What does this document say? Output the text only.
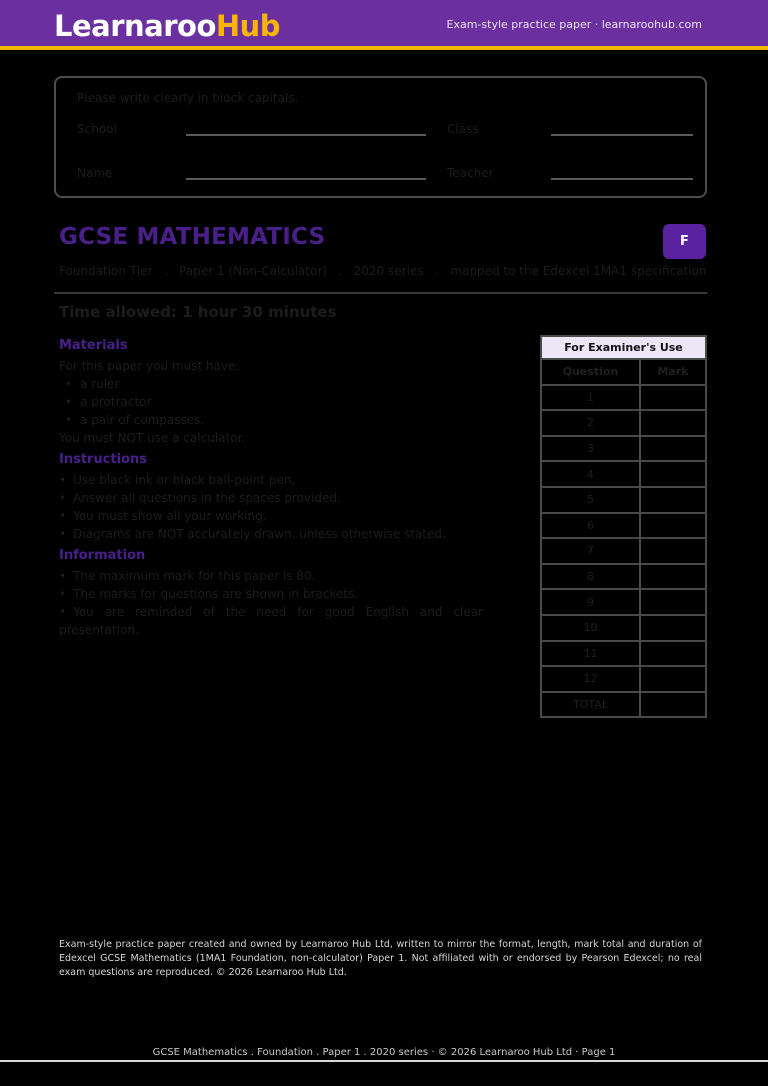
LearnarooHub	Exam-style practice paper · learnaroohub.com
Please write clearly in block capitals.
School	Class
Name	Teacher
GCSE MATHEMATICS	F
Foundation Tier . Paper 1 (Non-Calculator) . 2020 series . mapped to the Edexcel 1MA1 specification
Time allowed: 1 hour 30 minutes
Materials
For this paper you must have:
• a ruler
• a protractor
• a pair of compasses.
You must NOT use a calculator.
Instructions
• Use black ink or black ball-point pen.
• Answer all questions in the spaces provided.
• You must show all your working.
• Diagrams are NOT accurately drawn, unless otherwise stated.
Information
• The maximum mark for this paper is 80.
• The marks for questions are shown in brackets.
• You are reminded of the need for good English and clear presentation.
For Examiner's Use	
Question	Mark
1	
2	
3	
4	
5	
6	
7	
8	
9	
10	
11	
12	
TOTAL	
Exam-style practice paper created and owned by Learnaroo Hub Ltd, written to mirror the format, length, mark total and duration of Edexcel GCSE Mathematics (1MA1 Foundation, non-calculator) Paper 1. Not affiliated with or endorsed by Pearson Edexcel; no real exam questions are reproduced. © 2026 Learnaroo Hub Ltd.
GCSE Mathematics . Foundation . Paper 1 . 2020 series · © 2026 Learnaroo Hub Ltd · Page 1
